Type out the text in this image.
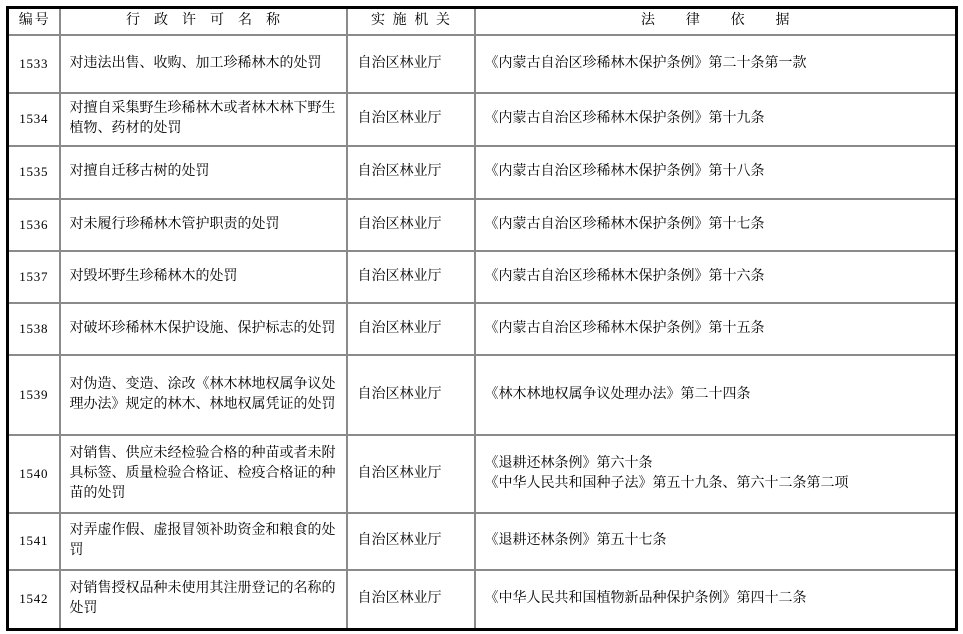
编号	行政许可名称	实施机关	法律依据
1533	对违法出售、收购、加工珍稀林木的处罚	自治区林业厅	《内蒙古自治区珍稀林木保护条例》第二十条第一款

1534	对擅自采集野生珍稀林木或者林木林下野生植物、药材的处罚	自治区林业厅	《内蒙古自治区珍稀林木保护条例》第十九条

1535	对擅自迁移古树的处罚	自治区林业厅	《内蒙古自治区珍稀林木保护条例》第十八条

1536	对未履行珍稀林木管护职责的处罚	自治区林业厅	《内蒙古自治区珍稀林木保护条例》第十七条

1537	对毁坏野生珍稀林木的处罚	自治区林业厅	《内蒙古自治区珍稀林木保护条例》第十六条

1538	对破坏珍稀林木保护设施、保护标志的处罚	自治区林业厅	《内蒙古自治区珍稀林木保护条例》第十五条

1539	对伪造、变造、涂改《林木林地权属争议处理办法》规定的林木、林地权属凭证的处罚	自治区林业厅	《林木林地权属争议处理办法》第二十四条

1540	对销售、供应未经检验合格的种苗或者未附具标签、质量检验合格证、检疫合格证的种苗的处罚	自治区林业厅	《退耕还林条例》第六十条
《中华人民共和国种子法》第五十九条、第六十二条第二项

1541	对弄虚作假、虚报冒领补助资金和粮食的处罚	自治区林业厅	《退耕还林条例》第五十七条

1542	对销售授权品种未使用其注册登记的名称的处罚	自治区林业厅	《中华人民共和国植物新品种保护条例》第四十二条
